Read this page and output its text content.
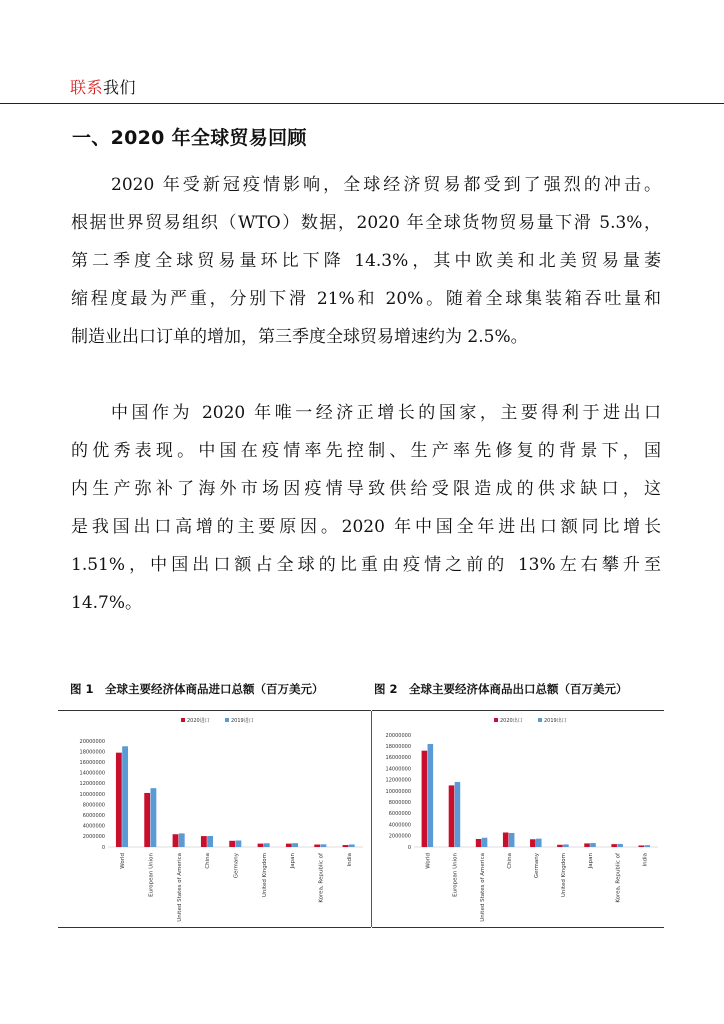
联系我们
一、2020 年全球贸易回顾
2020 年受新冠疫情影响，全球经济贸易都受到了强烈的冲击。
根据世界贸易组织（WTO）数据，2020 年全球货物贸易量下滑 5.3%，
第二季度全球贸易量环比下降 14.3%，其中欧美和北美贸易量萎
缩程度最为严重，分别下滑 21%和 20%。随着全球集装箱吞吐量和
制造业出口订单的增加，第三季度全球贸易增速约为 2.5%。
中国作为 2020 年唯一经济正增长的国家，主要得利于进出口
的优秀表现。中国在疫情率先控制、生产率先修复的背景下，国
内生产弥补了海外市场因疫情导致供给受限造成的供求缺口，这
是我国出口高增的主要原因。2020 年中国全年进出口额同比增长
1.51%，中国出口额占全球的比重由疫情之前的 13%左右攀升至
14.7%。
图 1　全球主要经济体商品进口总额（百万美元）	图 2　全球主要经济体商品出口总额（百万美元）
0
2000000
4000000
6000000
8000000
10000000
12000000
14000000
16000000
18000000
20000000
World	European Union	United States of America	China	Germany	United Kingdom	Japan	Korea, Republic of	India
2020进口	2019进口
0
2000000
4000000
6000000
8000000
10000000
12000000
14000000
16000000
18000000
20000000
World	European Union	United States of America	China	Germany	United Kingdom	Japan	Korea, Republic of	India
2020出口	2019出口
